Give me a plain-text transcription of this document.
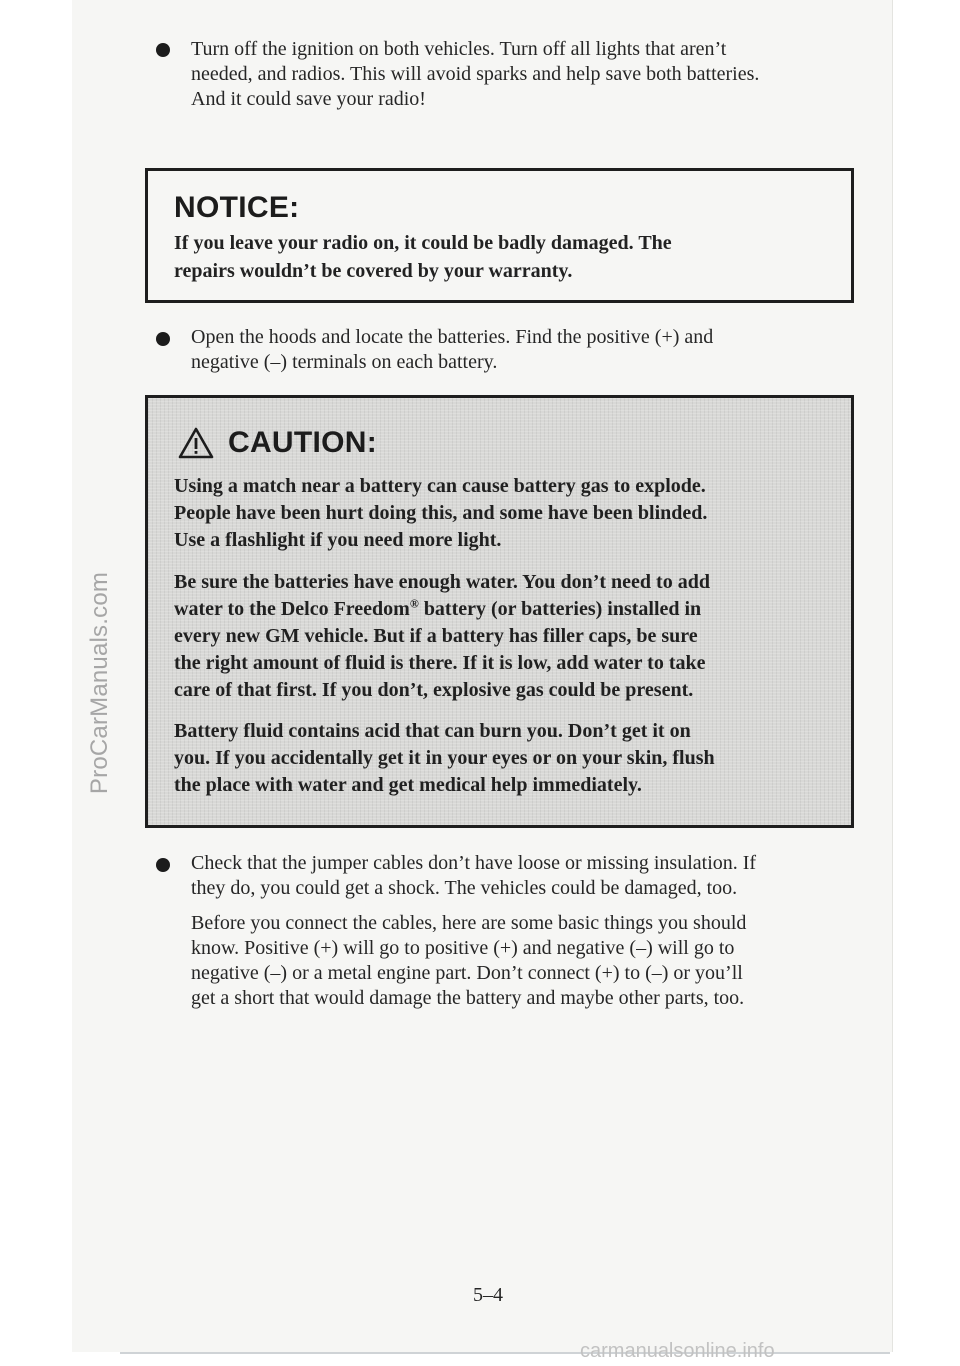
ProCarManuals.com
Turn off the ignition on both vehicles. Turn off all lights that aren’t
needed, and radios. This will avoid sparks and help save both batteries.
And it could save your radio!
NOTICE:
If you leave your radio on, it could be badly damaged. The
repairs wouldn’t be covered by your warranty.
Open the hoods and locate the batteries. Find the positive (+) and
negative (–) terminals on each battery.
CAUTION:
Using a match near a battery can cause battery gas to explode.
People have been hurt doing this, and some have been blinded.
Use a flashlight if you need more light.
Be sure the batteries have enough water. You don’t need to add
water to the Delco Freedom® battery (or batteries) installed in
every new GM vehicle. But if a battery has filler caps, be sure
the right amount of fluid is there. If it is low, add water to take
care of that first. If you don’t, explosive gas could be present.
Battery fluid contains acid that can burn you. Don’t get it on
you. If you accidentally get it in your eyes or on your skin, flush
the place with water and get medical help immediately.
Check that the jumper cables don’t have loose or missing insulation. If
they do, you could get a shock. The vehicles could be damaged, too.
Before you connect the cables, here are some basic things you should
know. Positive (+) will go to positive (+) and negative (–) will go to
negative (–) or a metal engine part. Don’t connect (+) to (–) or you’ll
get a short that would damage the battery and maybe other parts, too.
5–4
carmanualsonline.info
